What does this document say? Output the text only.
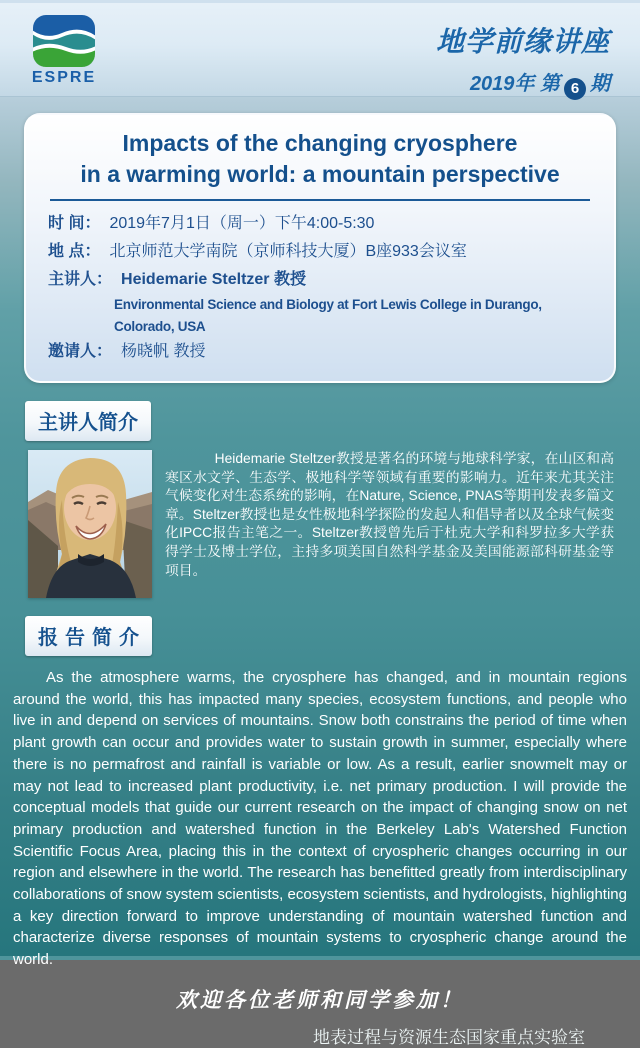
ESPRE
地学前缘讲座
2019年 第 6 期
Impacts of the changing cryosphere
in a warming world: a mountain perspective
时 间： 2019年7月1日（周一）下午4:00-5:30
地 点： 北京师范大学南院（京师科技大厦）B座933会议室
主讲人： Heidemarie Steltzer 教授
Environmental Science and Biology at Fort Lewis College in Durango, Colorado, USA
邀请人： 杨晓帆 教授
主讲人简介

Heidemarie Steltzer教授是著名的环境与地球科学家，在山区和高寒区水文学、生态学、极地科学等领域有重要的影响力。近年来尤其关注气候变化对生态系统的影响，在Nature, Science, PNAS等期刊发表多篇文章。Steltzer教授也是女性极地科学探险的发起人和倡导者以及全球气候变化IPCC报告主笔之一。Steltzer教授曾先后于杜克大学和科罗拉多大学获得学士及博士学位，主持多项美国自然科学基金及美国能源部科研基金等项目。

报告简介

As the atmosphere warms, the cryosphere has changed, and in mountain regions around the world, this has impacted many species, ecosystem functions, and people who live in and depend on services of mountains. Snow both constrains the period of time when plant growth can occur and provides water to sustain growth in summer, especially where there is no permafrost and rainfall is variable or low. As a result, earlier snowmelt may or may not lead to increased plant productivity, i.e. net primary production. I will provide the conceptual models that guide our current research on the impact of changing snow on net primary production and watershed function in the Berkeley Lab's Watershed Function Scientific Focus Area, placing this in the context of cryospheric changes occurring in our region and elsewhere in the world. The research has benefitted greatly from interdisciplinary collaborations of snow system scientists, ecosystem scientists, and hydrologists, highlighting a key direction forward to improve understanding of mountain watershed function and characterize diverse responses of mountain systems to cryospheric change around the world.

欢迎各位老师和同学参加！
地表过程与资源生态国家重点实验室
